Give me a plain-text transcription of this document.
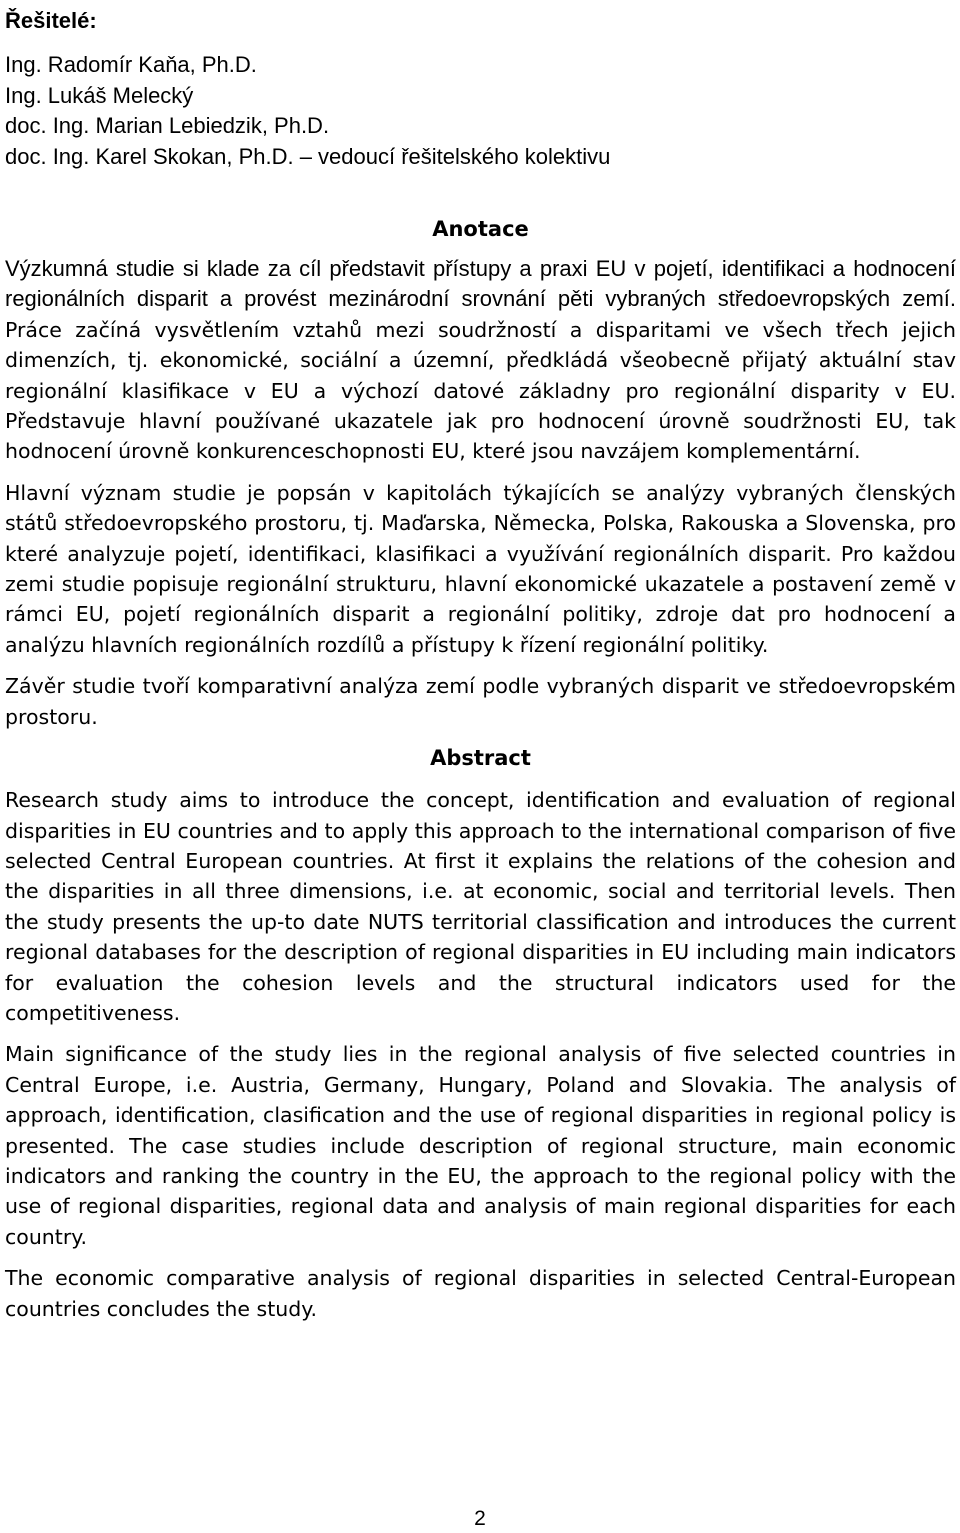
Řešitelé:
Ing. Radomír Kaňa, Ph.D.
Ing. Lukáš Melecký
doc. Ing. Marian Lebiedzik, Ph.D.
doc. Ing. Karel Skokan, Ph.D. – vedoucí řešitelského kolektivu
Anotace

Výzkumná studie si klade za cíl představit přístupy a praxi EU v pojetí, identifikaci a hodnocení regionálních disparit a provést mezinárodní srovnání pěti vybraných středoevropských zemí. Práce začíná vysvětlením vztahů mezi soudržností a disparitami ve všech třech jejich dimenzích, tj. ekonomické, sociální a územní, předkládá všeobecně přijatý aktuální stav regionální klasifikace v EU a výchozí datové základny pro regionální disparity v EU. Představuje hlavní používané ukazatele jak pro hodnocení úrovně soudržnosti EU, tak hodnocení úrovně konkurenceschopnosti EU, které jsou navzájem komplementární.

Hlavní význam studie je popsán v kapitolách týkajících se analýzy vybraných členských států středoevropského prostoru, tj. Maďarska, Německa, Polska, Rakouska a Slovenska, pro které analyzuje pojetí, identifikaci, klasifikaci a využívání regionálních disparit. Pro každou zemi studie popisuje regionální strukturu, hlavní ekonomické ukazatele a postavení země v rámci EU, pojetí regionálních disparit a regionální politiky, zdroje dat pro hodnocení a analýzu hlavních regionálních rozdílů a přístupy k řízení regionální politiky.

Závěr studie tvoří komparativní analýza zemí podle vybraných disparit ve středoevropském prostoru.

Abstract

Research study aims to introduce the concept, identification and evaluation of regional disparities in EU countries and to apply this approach to the international comparison of five selected Central European countries. At first it explains the relations of the cohesion and the disparities in all three dimensions, i.e. at economic, social and territorial levels. Then the study presents the up-to date NUTS territorial classification and introduces the current regional databases for the description of regional disparities in EU including main indicators for evaluation the cohesion levels and the structural indicators used for the competitiveness.

Main significance of the study lies in the regional analysis of five selected countries in Central Europe, i.e. Austria, Germany, Hungary, Poland and Slovakia. The analysis of approach, identification, clasification and the use of regional disparities in regional policy is presented. The case studies include description of regional structure, main economic indicators and ranking the country in the EU, the approach to the regional policy with the use of regional disparities, regional data and analysis of main regional disparities for each country.

The economic comparative analysis of regional disparities in selected Central-European countries concludes the study.

2
